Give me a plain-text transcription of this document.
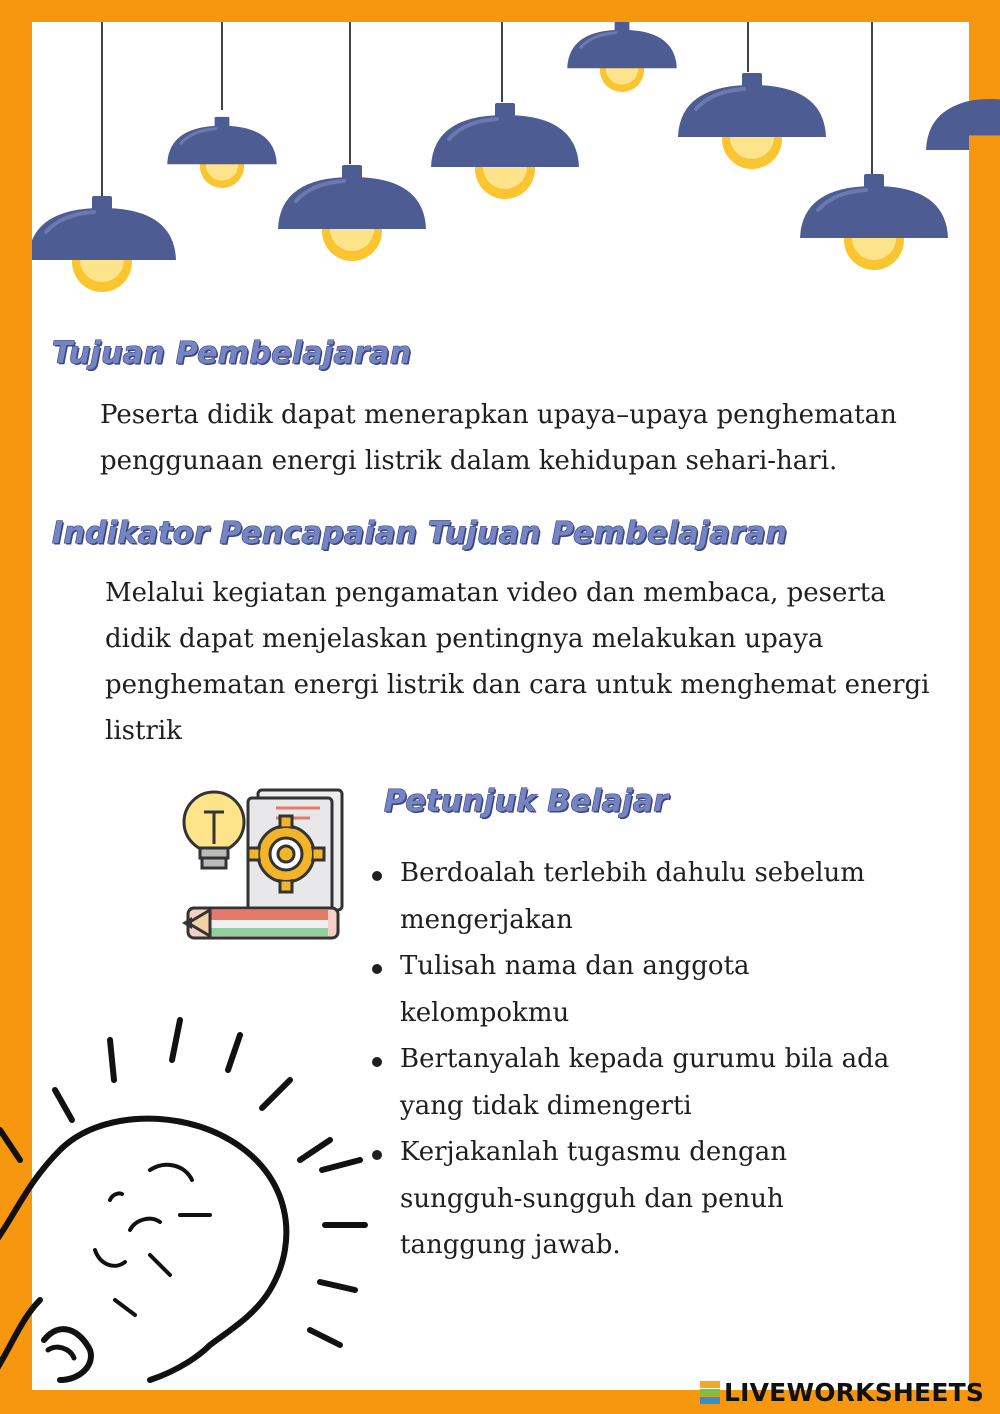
Tujuan Pembelajaran

Peserta didik dapat menerapkan upaya–upaya penghematan
penggunaan energi listrik dalam kehidupan sehari-hari.

Indikator Pencapaian Tujuan Pembelajaran

Melalui kegiatan pengamatan video dan membaca, peserta
didik dapat menjelaskan pentingnya melakukan upaya
penghematan energi listrik dan cara untuk menghemat energi
listrik

Petunjuk Belajar
Berdoalah terlebih dahulu sebelum mengerjakan
Tulisah nama dan anggota kelompokmu
Bertanyalah kepada gurumu bila ada yang tidak dimengerti
Kerjakanlah tugasmu dengan sungguh-sungguh dan penuh tanggung jawab.
LIVEWORKSHEETS
